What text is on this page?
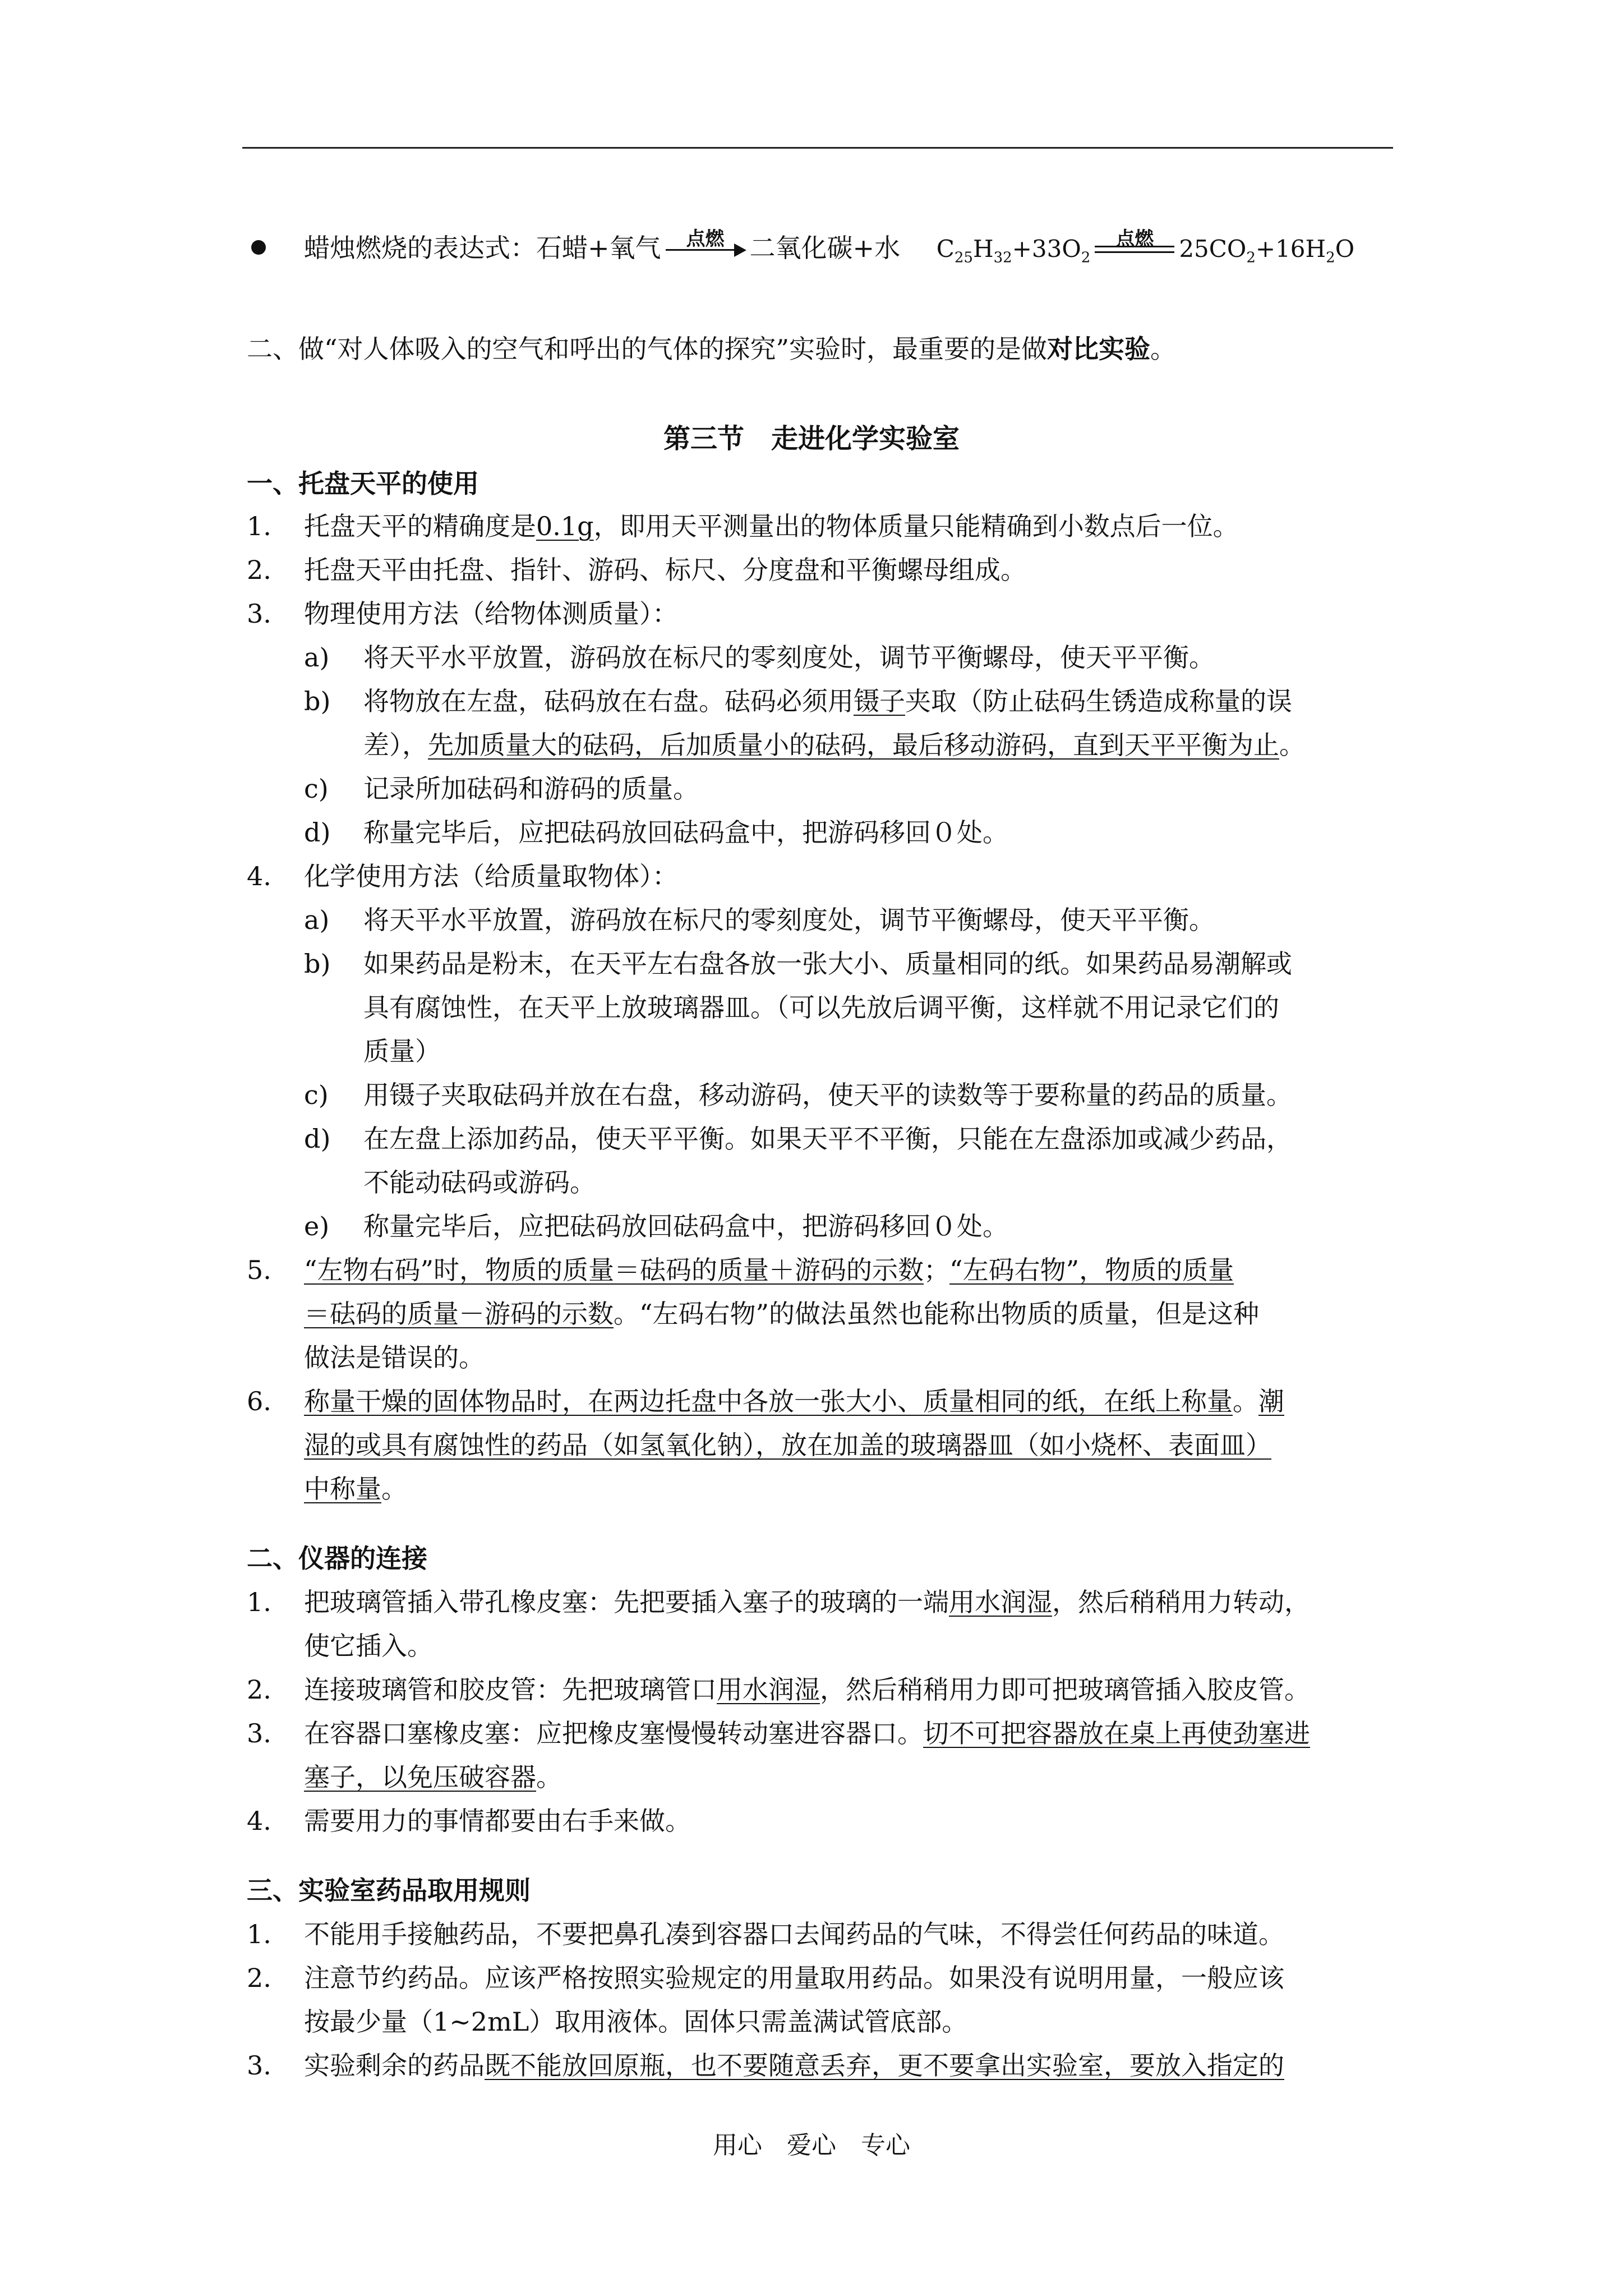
蜡烛燃烧的表达式：石蜡+氧气	点燃 二氧化碳+水 $C_{25}H_{32}+33O_2$
点燃	$25CO_2+16H_2O$
二、做“对人体吸入的空气和呼出的气体的探究”实验时，最重要的是做对比实验。
第三节　走进化学实验室
一、托盘天平的使用
1. 托盘天平的精确度是0.1g，即用天平测量出的物体质量只能精确到小数点后一位。
2. 托盘天平由托盘、指针、游码、标尺、分度盘和平衡螺母组成。
3. 物理使用方法（给物体测质量）：
a) 将天平水平放置，游码放在标尺的零刻度处，调节平衡螺母，使天平平衡。
b) 将物放在左盘，砝码放在右盘。砝码必须用镊子夹取（防止砝码生锈造成称量的误
差），先加质量大的砝码，后加质量小的砝码，最后移动游码，直到天平平衡为止。
c) 记录所加砝码和游码的质量。
d) 称量完毕后，应把砝码放回砝码盒中，把游码移回０处。
4. 化学使用方法（给质量取物体）：
a) 将天平水平放置，游码放在标尺的零刻度处，调节平衡螺母，使天平平衡。
b) 如果药品是粉末，在天平左右盘各放一张大小、质量相同的纸。如果药品易潮解或
具有腐蚀性，在天平上放玻璃器皿。（可以先放后调平衡，这样就不用记录它们的
质量）
c) 用镊子夹取砝码并放在右盘，移动游码，使天平的读数等于要称量的药品的质量。
d) 在左盘上添加药品，使天平平衡。如果天平不平衡，只能在左盘添加或减少药品，
不能动砝码或游码。
e) 称量完毕后，应把砝码放回砝码盒中，把游码移回０处。
5. “左物右码”时，物质的质量＝砝码的质量＋游码的示数；“左码右物”，物质的质量
＝砝码的质量－游码的示数。“左码右物”的做法虽然也能称出物质的质量，但是这种
做法是错误的。
6. 称量干燥的固体物品时，在两边托盘中各放一张大小、质量相同的纸，在纸上称量。潮
湿的或具有腐蚀性的药品（如氢氧化钠），放在加盖的玻璃器皿（如小烧杯、表面皿）
中称量。
二、仪器的连接
1. 把玻璃管插入带孔橡皮塞：先把要插入塞子的玻璃的一端用水润湿，然后稍稍用力转动，
使它插入。
2. 连接玻璃管和胶皮管：先把玻璃管口用水润湿，然后稍稍用力即可把玻璃管插入胶皮管。
3. 在容器口塞橡皮塞：应把橡皮塞慢慢转动塞进容器口。切不可把容器放在桌上再使劲塞进
塞子，以免压破容器。
4. 需要用力的事情都要由右手来做。
三、实验室药品取用规则
1. 不能用手接触药品，不要把鼻孔凑到容器口去闻药品的气味，不得尝任何药品的味道。
2. 注意节约药品。应该严格按照实验规定的用量取用药品。如果没有说明用量，一般应该
按最少量（1~2mL）取用液体。固体只需盖满试管底部。
3. 实验剩余的药品既不能放回原瓶，也不要随意丢弃，更不要拿出实验室，要放入指定的
用心　爱心　专心
